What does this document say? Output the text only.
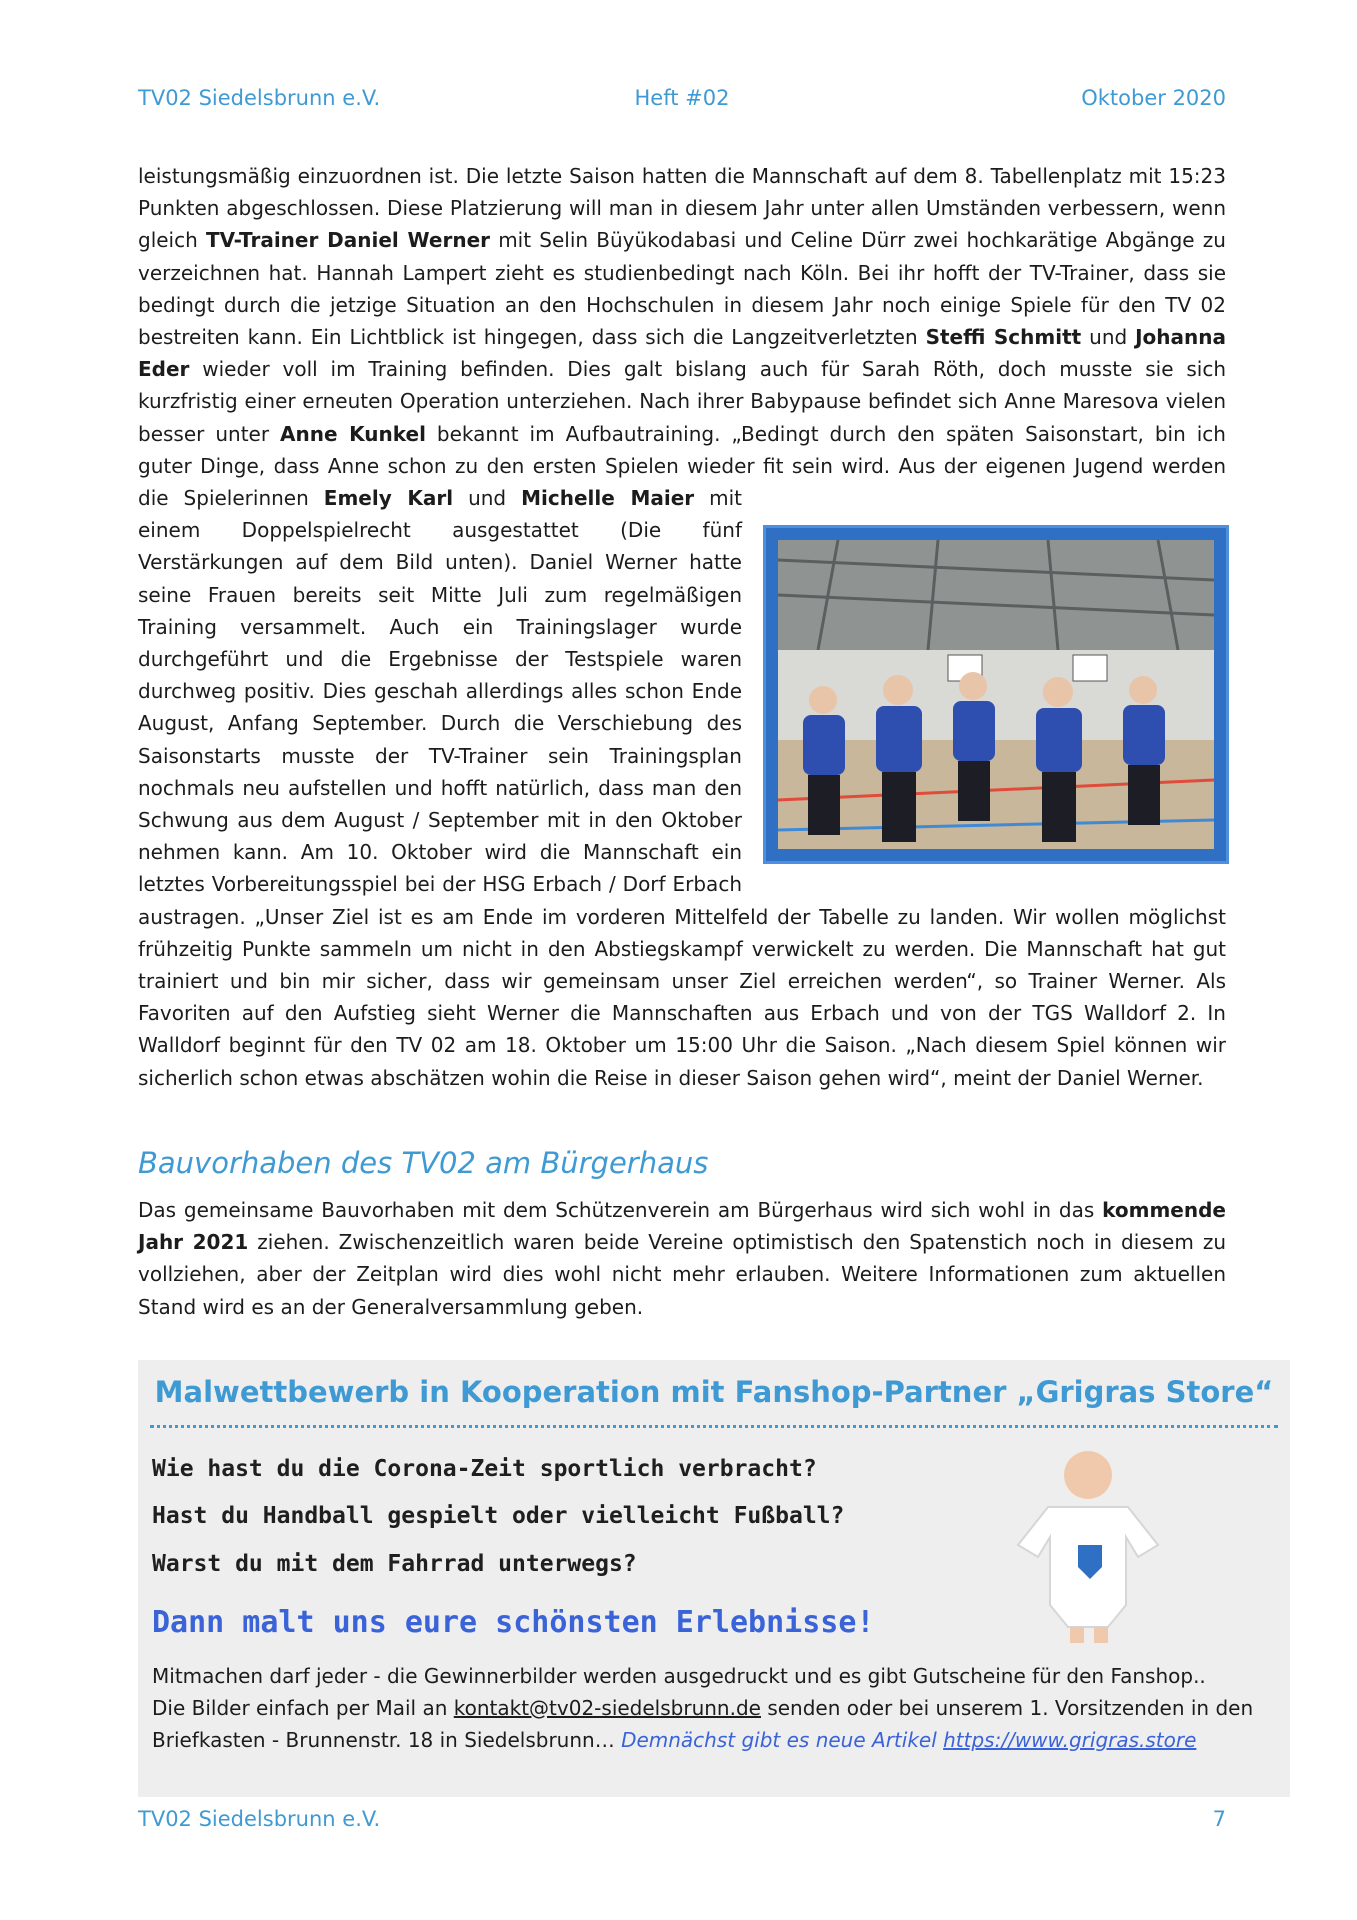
TV02 Siedelsbrunn e.V.	Heft #02	Oktober 2020

leistungsmäßig einzuordnen ist. Die letzte Saison hatten die Mannschaft auf dem 8. Tabellenplatz mit 15:23 Punkten abgeschlossen. Diese Platzierung will man in diesem Jahr unter allen Umständen verbessern, wenn gleich TV-Trainer Daniel Werner mit Selin Büyükodabasi und Celine Dürr zwei hochkarätige Abgänge zu verzeichnen hat. Hannah Lampert zieht es studienbedingt nach Köln. Bei ihr hofft der TV-Trainer, dass sie bedingt durch die jetzige Situation an den Hochschulen in diesem Jahr noch einige Spiele für den TV 02 bestreiten kann. Ein Lichtblick ist hingegen, dass sich die Langzeitverletzten Steffi Schmitt und Johanna Eder wieder voll im Training befinden. Dies galt bislang auch für Sarah Röth, doch musste sie sich kurzfristig einer erneuten Operation unterziehen. Nach ihrer Babypause befindet sich Anne Maresova vielen besser unter Anne Kunkel bekannt im Aufbautraining. „Bedingt durch den späten Saisonstart, bin ich guter Dinge, dass Anne schon zu den ersten Spielen wieder fit sein wird. Aus der eigenen Jugend werden die Spielerinnen Emely Karl und Michelle Maier
mit einem Doppelspielrecht ausgestattet (Die fünf Verstärkungen auf dem Bild unten). Daniel Werner hatte seine Frauen bereits seit Mitte Juli zum regelmäßigen Training versammelt. Auch ein Trainingslager wurde durchgeführt und die Ergebnisse der Testspiele waren durchweg positiv. Dies geschah allerdings alles schon Ende August, Anfang September. Durch die Verschiebung des Saisonstarts musste der TV-Trainer sein Trainingsplan nochmals neu aufstellen und hofft natürlich, dass man den Schwung aus dem August / September mit in den Oktober nehmen kann. Am 10. Oktober wird die Mannschaft ein letztes Vorbereitungsspiel bei der HSG Erbach / Dorf Erbach austragen. „Unser Ziel ist es am Ende im vorderen Mittelfeld der Tabelle zu landen. Wir wollen möglichst frühzeitig Punkte sammeln um nicht in den Abstiegskampf verwickelt zu werden. Die Mannschaft hat gut trainiert und bin mir sicher, dass wir gemeinsam unser Ziel erreichen werden“, so Trainer Werner. Als Favoriten auf den Aufstieg sieht Werner die Mannschaften aus Erbach und von der TGS Walldorf 2. In Walldorf beginnt für den TV 02 am 18. Oktober um 15:00 Uhr die Saison. „Nach diesem Spiel können wir sicherlich schon etwas abschätzen wohin die Reise in dieser Saison gehen wird“, meint der Daniel Werner.

Bauvorhaben des TV02 am Bürgerhaus

Das gemeinsame Bauvorhaben mit dem Schützenverein am Bürgerhaus wird sich wohl in das kommende Jahr 2021 ziehen. Zwischenzeitlich waren beide Vereine optimistisch den Spatenstich noch in diesem zu vollziehen, aber der Zeitplan wird dies wohl nicht mehr erlauben. Weitere Informationen zum aktuellen Stand wird es an der Generalversammlung geben.

Malwettbewerb in Kooperation mit Fanshop-Partner „Grigras Store“
Wie hast du die Corona-Zeit sportlich verbracht?
Hast du Handball gespielt oder vielleicht Fußball?
Warst du mit dem Fahrrad unterwegs?
Dann malt uns eure schönsten Erlebnisse!

Mitmachen darf jeder - die Gewinnerbilder werden ausgedruckt und es gibt Gutscheine für den Fanshop..

Die Bilder einfach per Mail an kontakt@tv02-siedelsbrunn.de senden oder bei unserem 1. Vorsitzenden in den Briefkasten - Brunnenstr. 18 in Siedelsbrunn… Demnächst gibt es neue Artikel https://www.grigras.store

TV02 Siedelsbrunn e.V.	7
